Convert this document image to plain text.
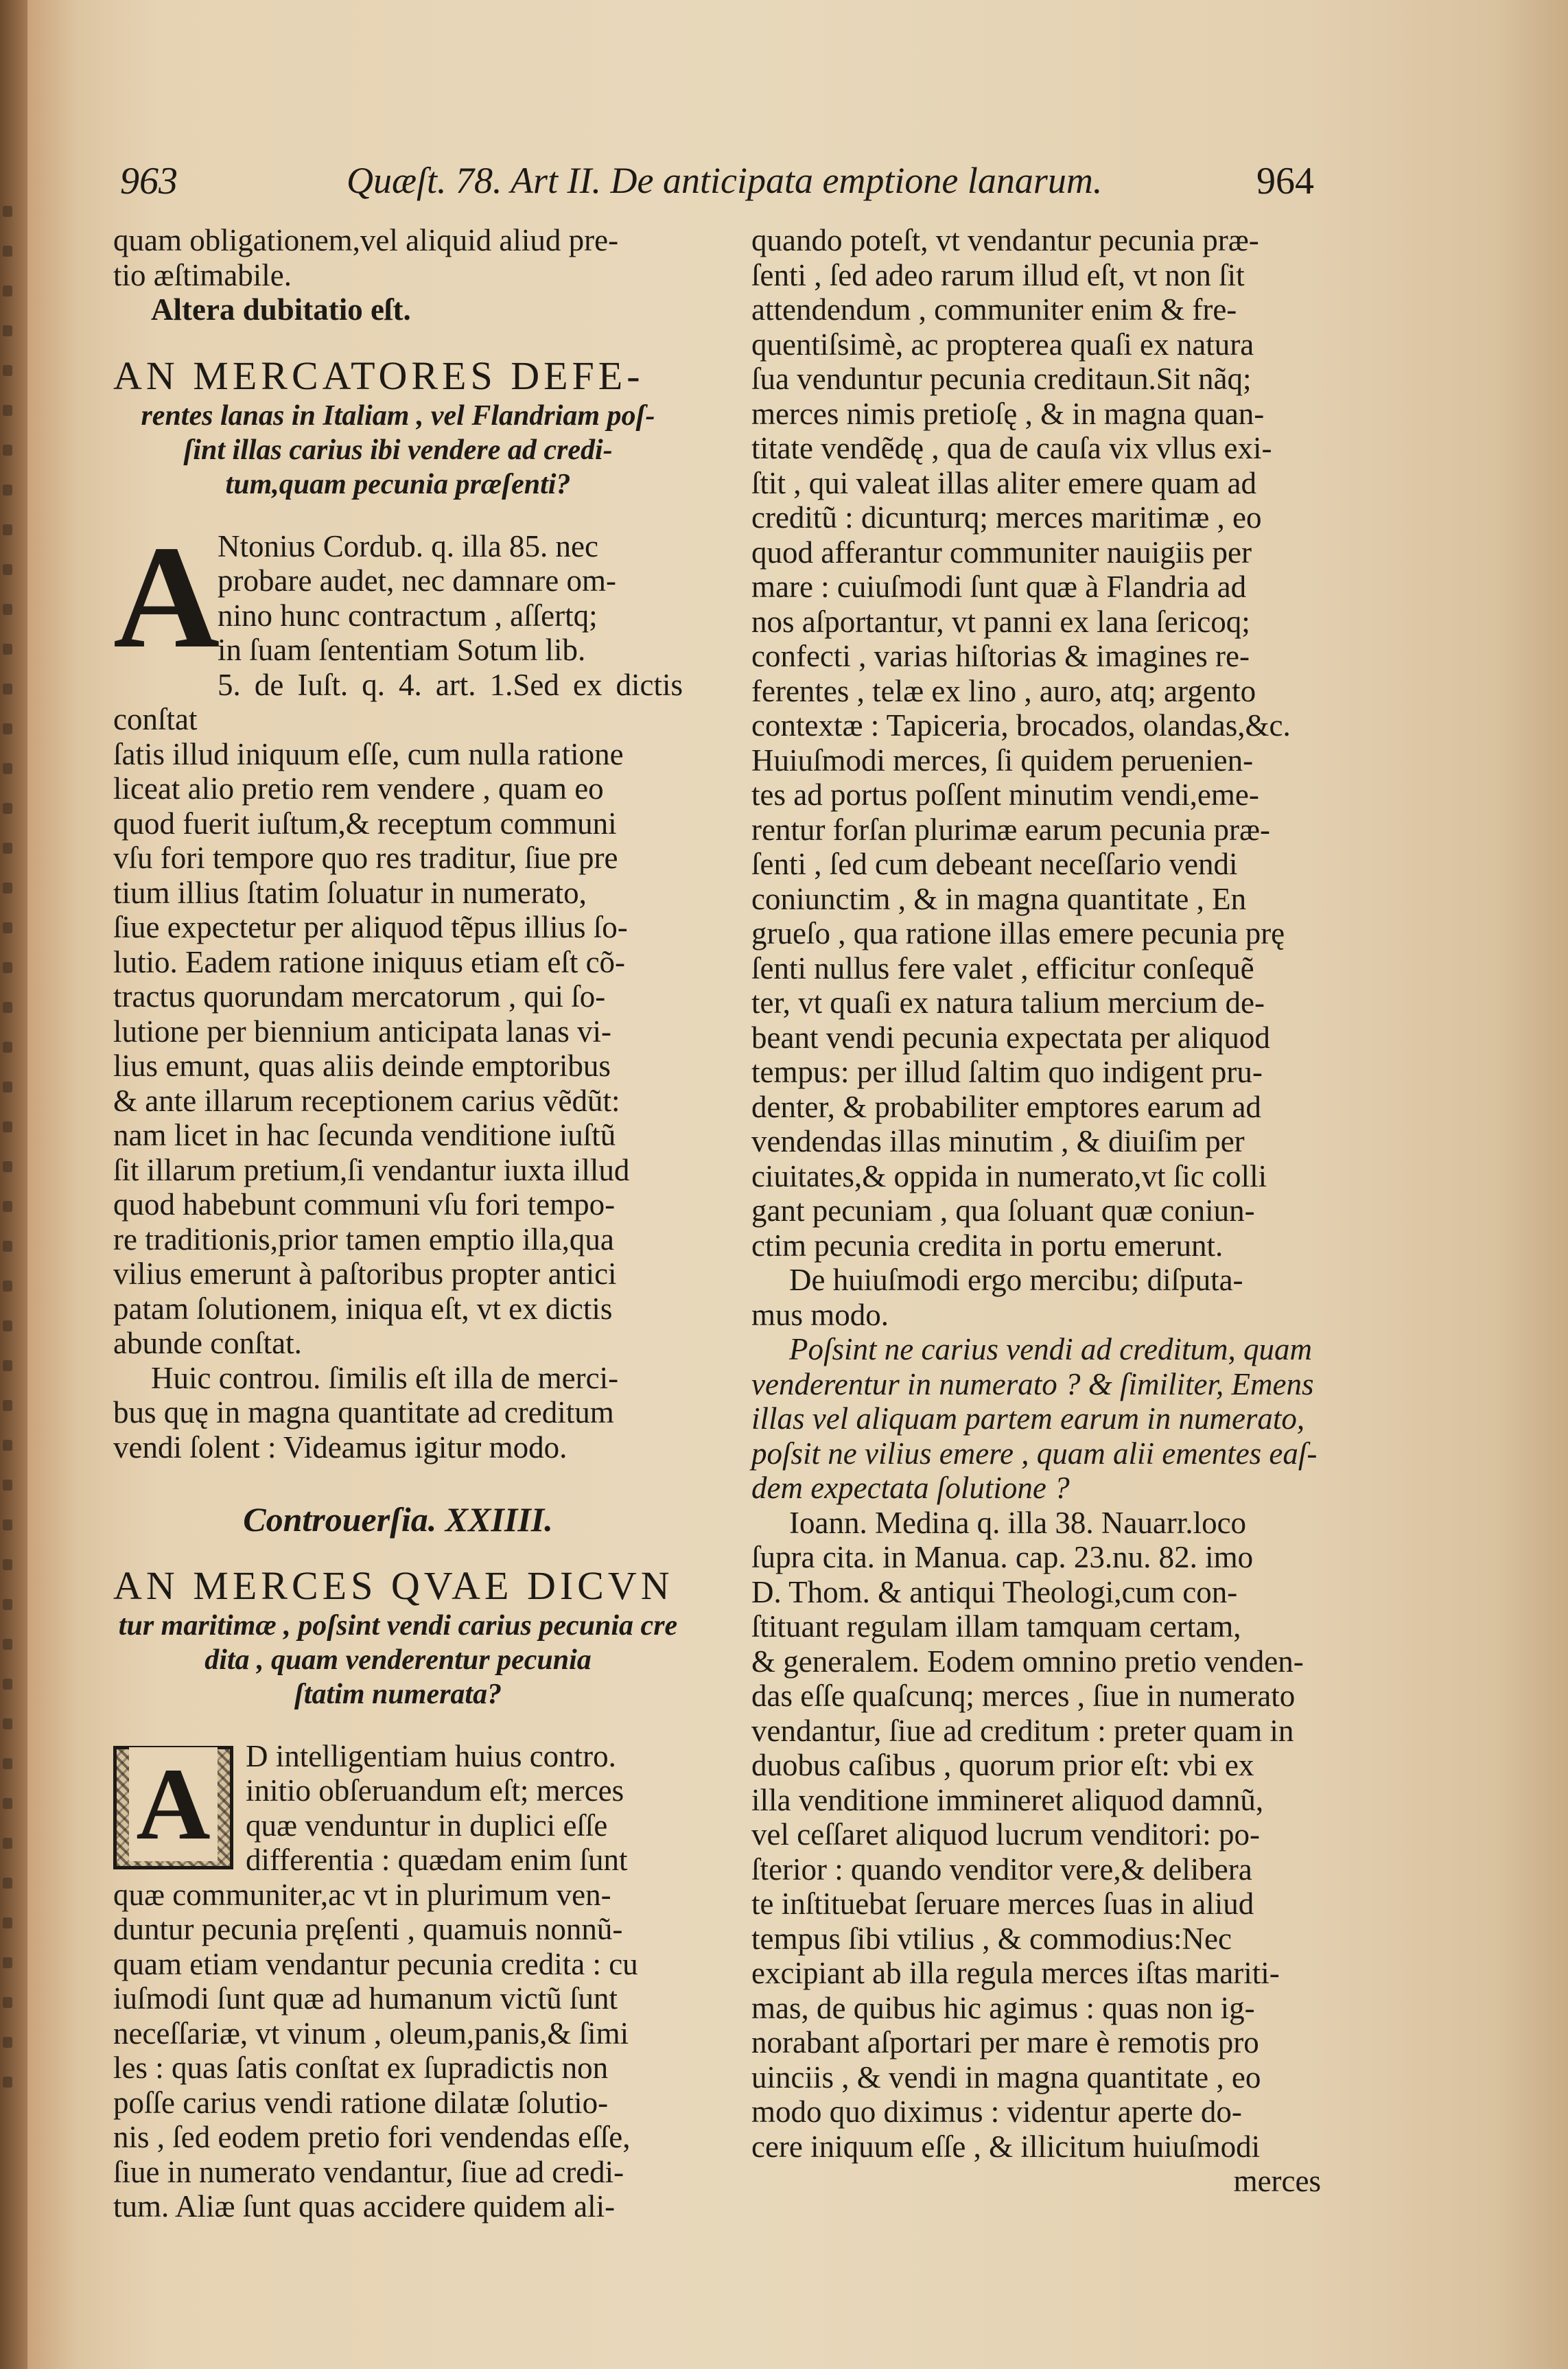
963	Quæſt. 78. Art II. De anticipata emptione lanarum.	964

quam obligationem,vel aliquid aliud pre-

tio æſtimabile.

Altera dubitatio eſt.

AN MERCATORES DEFE-

rentes lanas in Italiam , vel Flandriam poſ-

ſint illas carius ibi vendere ad credi-

tum,quam pecunia præſenti?

A

Ntonius Cordub. q. illa 85. nec

probare audet, nec damnare om-

nino hunc contractum , aſſertq;

in ſuam ſententiam Sotum lib.

5. de Iuſt. q. 4. art. 1.Sed ex dictis conſtat

ſatis illud iniquum eſſe, cum nulla ratione

liceat alio pretio rem vendere , quam eo

quod fuerit iuſtum,& receptum communi

vſu fori tempore quo res traditur, ſiue pre

tium illius ſtatim ſoluatur in numerato,

ſiue expectetur per aliquod tẽpus illius ſo-

lutio. Eadem ratione iniquus etiam eſt cõ-

tractus quorundam mercatorum , qui ſo-

lutione per biennium anticipata lanas vi-

lius emunt, quas aliis deinde emptoribus

& ante illarum receptionem carius vẽdũt:

nam licet in hac ſecunda venditione iuſtũ

ſit illarum pretium,ſi vendantur iuxta illud

quod habebunt communi vſu fori tempo-

re traditionis,prior tamen emptio illa,qua

vilius emerunt à paſtoribus propter antici

patam ſolutionem, iniqua eſt, vt ex dictis

abunde conſtat.

Huic controu. ſimilis eſt illa de merci-

bus quę in magna quantitate ad creditum

vendi ſolent : Videamus igitur modo.

Controuerſia. XXIIII.

AN MERCES QVAE DICVN

tur maritimæ , poſsint vendi carius pecunia cre

dita , quam venderentur pecunia

ſtatim numerata?

A	D intelligentiam huius contro.

initio obſeruandum eſt; merces

quæ venduntur in duplici eſſe

differentia : quædam enim ſunt

quæ communiter,ac vt in plurimum ven-

duntur pecunia pręſenti , quamuis nonnũ-

quam etiam vendantur pecunia credita : cu

iuſmodi ſunt quæ ad humanum victũ ſunt

neceſſariæ, vt vinum , oleum,panis,& ſimi

les : quas ſatis conſtat ex ſupradictis non

poſſe carius vendi ratione dilatæ ſolutio-

nis , ſed eodem pretio fori vendendas eſſe,

ſiue in numerato vendantur, ſiue ad credi-

tum. Aliæ ſunt quas accidere quidem ali-

quando poteſt, vt vendantur pecunia præ-

ſenti , ſed adeo rarum illud eſt, vt non ſit

attendendum , communiter enim & fre-

quentiſsimè, ac propterea quaſi ex natura

ſua venduntur pecunia creditaun.Sit nãq;

merces nimis pretioſę , & in magna quan-

titate vendẽdę , qua de cauſa vix vllus exi-

ſtit , qui valeat illas aliter emere quam ad

creditũ : dicunturq; merces maritimæ , eo

quod afferantur communiter nauigiis per

mare : cuiuſmodi ſunt quæ à Flandria ad

nos aſportantur, vt panni ex lana ſericoq;

confecti , varias hiſtorias & imagines re-

ferentes , telæ ex lino , auro, atq; argento

contextæ : Tapiceria, brocados, olandas,&c.

Huiuſmodi merces, ſi quidem peruenien-

tes ad portus poſſent minutim vendi,eme-

rentur forſan plurimæ earum pecunia præ-

ſenti , ſed cum debeant neceſſario vendi

coniunctim , & in magna quantitate , En

grueſo , qua ratione illas emere pecunia prę

ſenti nullus fere valet , efficitur conſequẽ

ter, vt quaſi ex natura talium mercium de-

beant vendi pecunia expectata per aliquod

tempus: per illud ſaltim quo indigent pru-

denter, & probabiliter emptores earum ad

vendendas illas minutim , & diuiſim per

ciuitates,& oppida in numerato,vt ſic colli

gant pecuniam , qua ſoluant quæ coniun-

ctim pecunia credita in portu emerunt.

De huiuſmodi ergo mercibu; diſputa-

mus modo.

Poſsint ne carius vendi ad creditum, quam

venderentur in numerato ? & ſimiliter, Emens

illas vel aliquam partem earum in numerato,

poſsit ne vilius emere , quam alii ementes eaſ-

dem expectata ſolutione ?

Ioann. Medina q. illa 38. Nauarr.loco

ſupra cita. in Manua. cap. 23.nu. 82. imo

D. Thom. & antiqui Theologi,cum con-

ſtituant regulam illam tamquam certam,

& generalem. Eodem omnino pretio venden-

das eſſe quaſcunq; merces , ſiue in numerato

vendantur, ſiue ad creditum : preter quam in

duobus caſibus , quorum prior eſt: vbi ex

illa venditione immineret aliquod damnũ,

vel ceſſaret aliquod lucrum venditori: po-

ſterior : quando venditor vere,& delibera

te inſtituebat ſeruare merces ſuas in aliud

tempus ſibi vtilius , & commodius:Nec

excipiant ab illa regula merces iſtas mariti-

mas, de quibus hic agimus : quas non ig-

norabant aſportari per mare è remotis pro

uinciis , & vendi in magna quantitate , eo

modo quo diximus : videntur aperte do-

cere iniquum eſſe , & illicitum huiuſmodi

merces
